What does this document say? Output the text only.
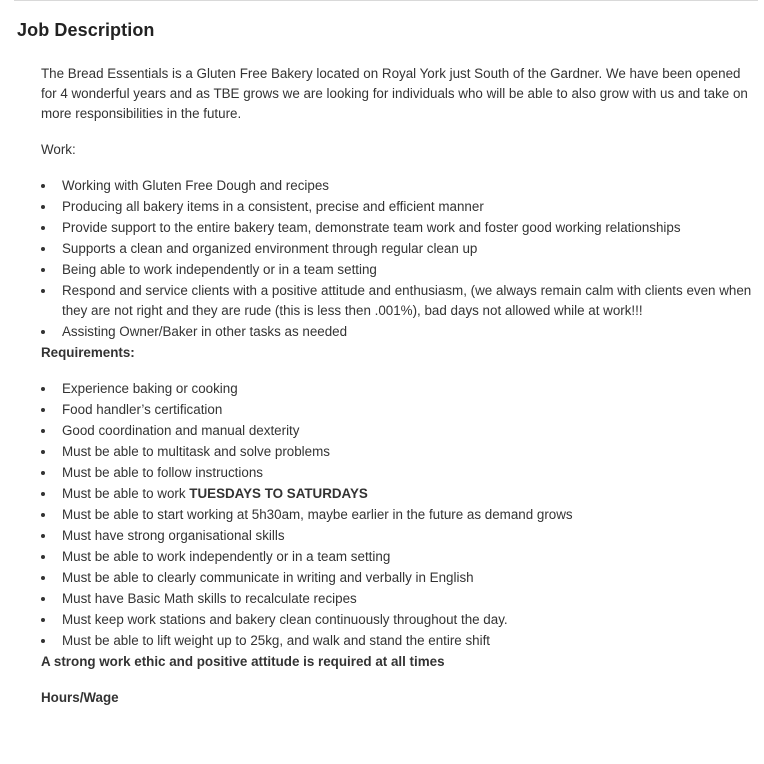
Job Description

The Bread Essentials is a Gluten Free Bakery located on Royal York just South of the Gardner. We have been opened for 4 wonderful years and as TBE grows we are looking for individuals who will be able to also grow with us and take on more responsibilities in the future.

Work:

Working with Gluten Free Dough and recipes
Producing all bakery items in a consistent, precise and efficient manner
Provide support to the entire bakery team, demonstrate team work and foster good working relationships
Supports a clean and organized environment through regular clean up
Being able to work independently or in a team setting
Respond and service clients with a positive attitude and enthusiasm, (we always remain calm with clients even when they are not right and they are rude (this is less then .001%), bad days not allowed while at work!!!
Assisting Owner/Baker in other tasks as needed

Requirements:

Experience baking or cooking
Food handler’s certification
Good coordination and manual dexterity
Must be able to multitask and solve problems
Must be able to follow instructions
Must be able to work TUESDAYS TO SATURDAYS
Must be able to start working at 5h30am, maybe earlier in the future as demand grows
Must have strong organisational skills
Must be able to work independently or in a team setting
Must be able to clearly communicate in writing and verbally in English
Must have Basic Math skills to recalculate recipes
Must keep work stations and bakery clean continuously throughout the day.
Must be able to lift weight up to 25kg, and walk and stand the entire shift

A strong work ethic and positive attitude is required at all times

Hours/Wage
